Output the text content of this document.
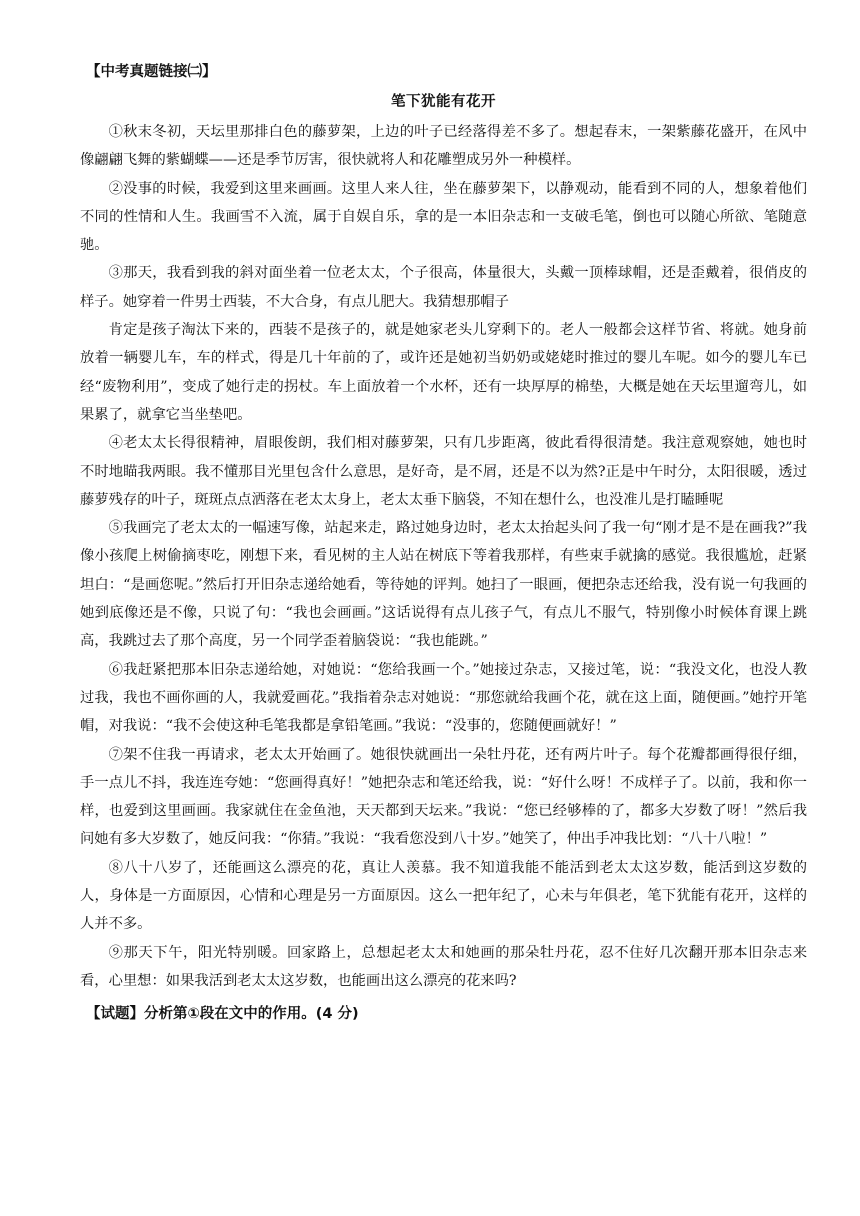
【中考真题链接㈡】
笔下犹能有花开

①秋末冬初，天坛里那排白色的藤萝架，上边的叶子已经落得差不多了。想起春末，一架紫藤花盛开，在风中像翩翩飞舞的紫蝴蝶——还是季节厉害，很快就将人和花雕塑成另外一种模样。

②没事的时候，我爱到这里来画画。这里人来人往，坐在藤萝架下，以静观动，能看到不同的人，想象着他们不同的性情和人生。我画雪不入流，属于自娱自乐，拿的是一本旧杂志和一支破毛笔，倒也可以随心所欲、笔随意驰。

③那天，我看到我的斜对面坐着一位老太太，个子很高，体量很大，头戴一顶棒球帽，还是歪戴着，很俏皮的样子。她穿着一件男士西装，不大合身，有点儿肥大。我猜想那帽子

肯定是孩子淘汰下来的，西装不是孩子的，就是她家老头儿穿剩下的。老人一般都会这样节省、将就。她身前放着一辆婴儿车，车的样式，得是几十年前的了，或许还是她初当奶奶或姥姥时推过的婴儿车呢。如今的婴儿车已经“废物利用”，变成了她行走的拐杖。车上面放着一个水杯，还有一块厚厚的棉垫，大概是她在天坛里遛弯儿，如果累了，就拿它当坐垫吧。

④老太太长得很精神，眉眼俊朗，我们相对藤萝架，只有几步距离，彼此看得很清楚。我注意观察她，她也时不时地瞄我两眼。我不懂那目光里包含什么意思，是好奇，是不屑，还是不以为然?正是中午时分，太阳很暖，透过藤萝残存的叶子，斑斑点点洒落在老太太身上，老太太垂下脑袋，不知在想什么，也没准儿是打瞌睡呢

⑤我画完了老太太的一幅速写像，站起来走，路过她身边时，老太太抬起头问了我一句“刚才是不是在画我?”我像小孩爬上树偷摘枣吃，刚想下来，看见树的主人站在树底下等着我那样，有些束手就擒的感觉。我很尴尬，赶紧坦白：“是画您呢。”然后打开旧杂志递给她看，等待她的评判。她扫了一眼画，便把杂志还给我，没有说一句我画的她到底像还是不像，只说了句：“我也会画画。”这话说得有点儿孩子气，有点儿不服气，特别像小时候体育课上跳高，我跳过去了那个高度，另一个同学歪着脑袋说：“我也能跳。”

⑥我赶紧把那本旧杂志递给她，对她说：“您给我画一个。”她接过杂志，又接过笔，说：“我没文化，也没人教过我，我也不画你画的人，我就爱画花。”我指着杂志对她说：“那您就给我画个花，就在这上面，随便画。”她拧开笔帽，对我说：“我不会使这种毛笔我都是拿铅笔画。”我说：“没事的，您随便画就好！”

⑦架不住我一再请求，老太太开始画了。她很快就画出一朵牡丹花，还有两片叶子。每个花瓣都画得很仔细，手一点儿不抖，我连连夸她：“您画得真好！”她把杂志和笔还给我，说：“好什么呀！不成样子了。以前，我和你一样，也爱到这里画画。我家就住在金鱼池，天天都到天坛来。”我说：“您已经够棒的了，都多大岁数了呀！”然后我问她有多大岁数了，她反问我：“你猜。”我说：“我看您没到八十岁。”她笑了，仲出手冲我比划：“八十八啦！”

⑧八十八岁了，还能画这么漂亮的花，真让人羡慕。我不知道我能不能活到老太太这岁数，能活到这岁数的人，身体是一方面原因，心情和心理是另一方面原因。这么一把年纪了，心未与年俱老，笔下犹能有花开，这样的人并不多。

⑨那天下午，阳光特别暖。回家路上，总想起老太太和她画的那朵牡丹花，忍不住好几次翻开那本旧杂志来看，心里想：如果我活到老太太这岁数，也能画出这么漂亮的花来吗?

【试题】分析第①段在文中的作用。(4 分)
